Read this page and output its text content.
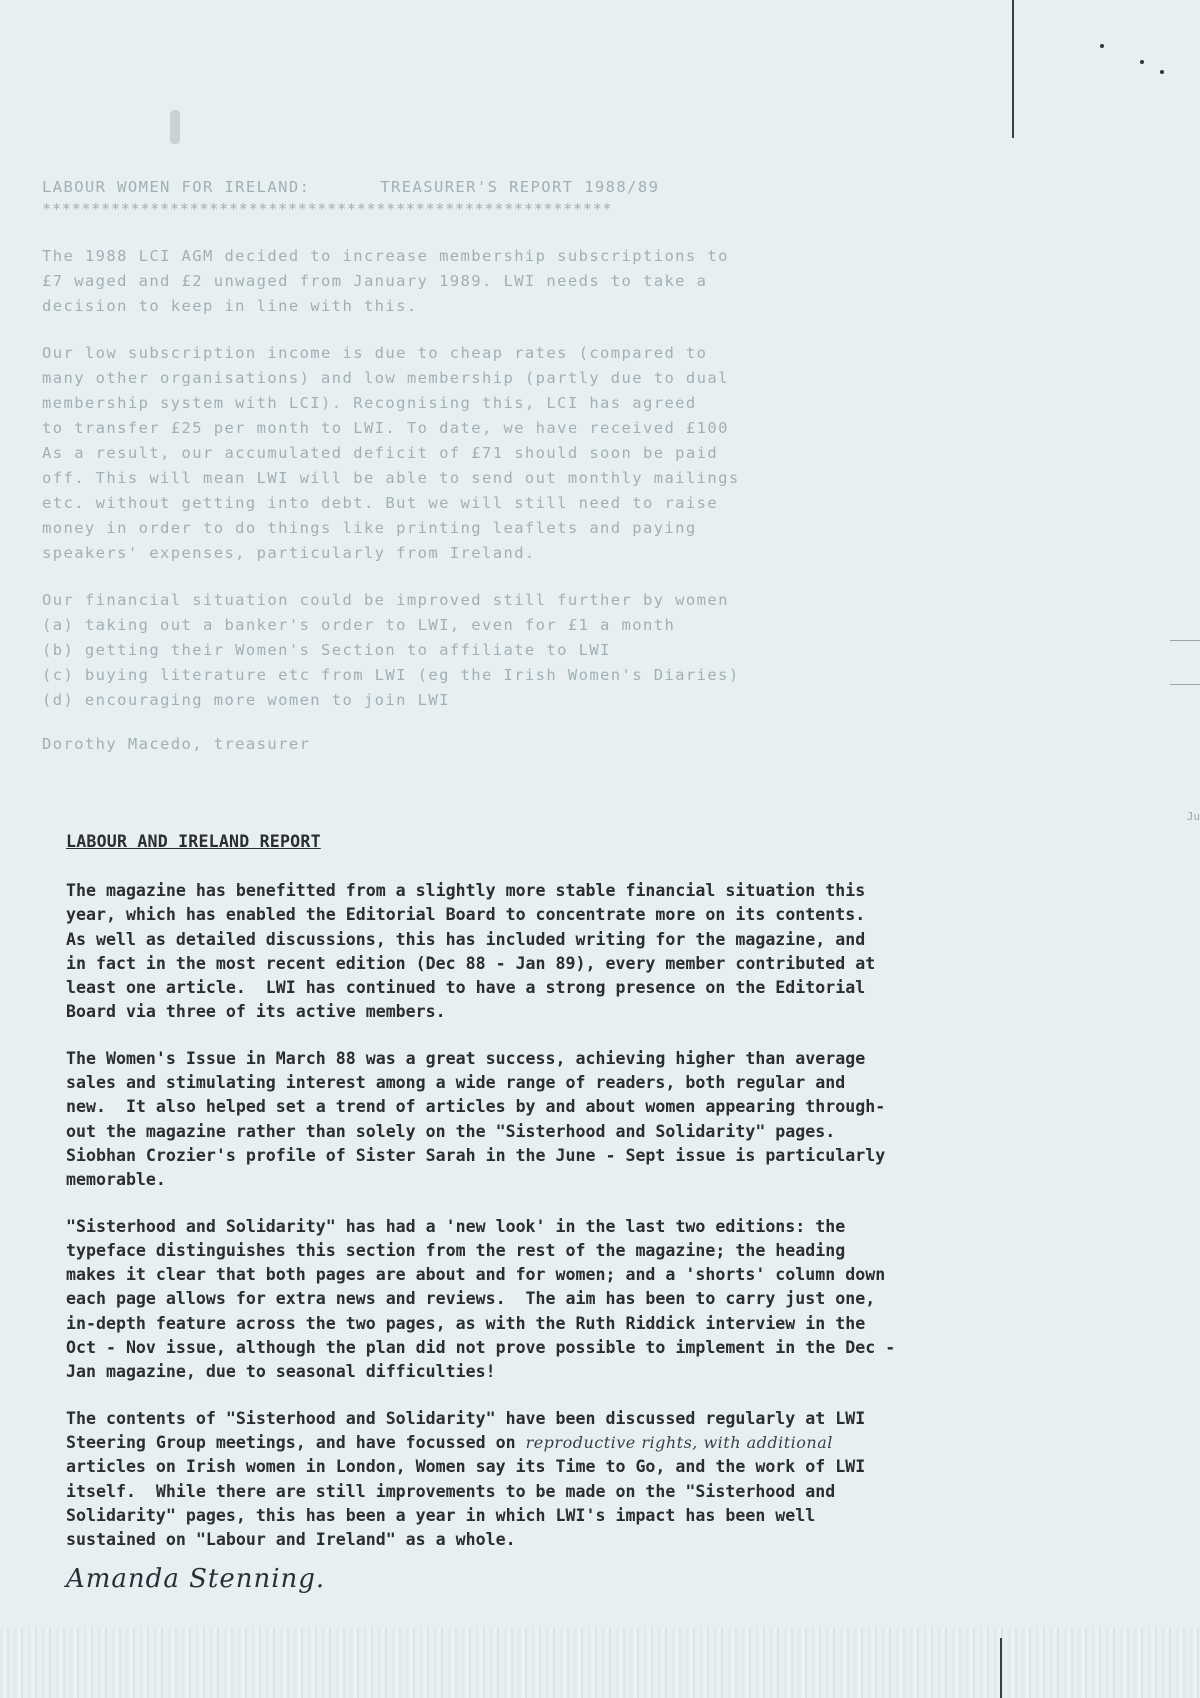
Ju
LABOUR WOMEN FOR IRELAND:	TREASURER'S REPORT 1988/89
**********************************************************

The 1988 LCI AGM decided to increase membership subscriptions to
£7 waged and £2 unwaged from January 1989. LWI needs to take a
decision to keep in line with this.

Our low subscription income is due to cheap rates (compared to
many other organisations) and low membership (partly due to dual
membership system with LCI). Recognising this, LCI has agreed
to transfer £25 per month to LWI. To date, we have received £100
As a result, our accumulated deficit of £71 should soon be paid
off. This will mean LWI will be able to send out monthly mailings
etc. without getting into debt. But we will still need to raise
money in order to do things like printing leaflets and paying
speakers' expenses, particularly from Ireland.

Our financial situation could be improved still further by women
(a) taking out a banker's order to LWI, even for £1 a month
(b) getting their Women's Section to affiliate to LWI
(c) buying literature etc from LWI (eg the Irish Women's Diaries)
(d) encouraging more women to join LWI

Dorothy Macedo, treasurer
LABOUR AND IRELAND REPORT

The magazine has benefitted from a slightly more stable financial situation this
year, which has enabled the Editorial Board to concentrate more on its contents.
As well as detailed discussions, this has included writing for the magazine, and
in fact in the most recent edition (Dec 88 - Jan 89), every member contributed at
least one article.  LWI has continued to have a strong presence on the Editorial
Board via three of its active members.

The Women's Issue in March 88 was a great success, achieving higher than average
sales and stimulating interest among a wide range of readers, both regular and
new.  It also helped set a trend of articles by and about women appearing through-
out the magazine rather than solely on the "Sisterhood and Solidarity" pages.
Siobhan Crozier's profile of Sister Sarah in the June - Sept issue is particularly
memorable.

"Sisterhood and Solidarity" has had a 'new look' in the last two editions: the
typeface distinguishes this section from the rest of the magazine; the heading
makes it clear that both pages are about and for women; and a 'shorts' column down
each page allows for extra news and reviews.  The aim has been to carry just one,
in-depth feature across the two pages, as with the Ruth Riddick interview in the
Oct - Nov issue, although the plan did not prove possible to implement in the Dec -
Jan magazine, due to seasonal difficulties!

The contents of "Sisterhood and Solidarity" have been discussed regularly at LWI
Steering Group meetings, and have focussed on reproductive rights, with additional
articles on Irish women in London, Women say its Time to Go, and the work of LWI
itself.  While there are still improvements to be made on the "Sisterhood and
Solidarity" pages, this has been a year in which LWI's impact has been well
sustained on "Labour and Ireland" as a whole.

Amanda Stenning.
